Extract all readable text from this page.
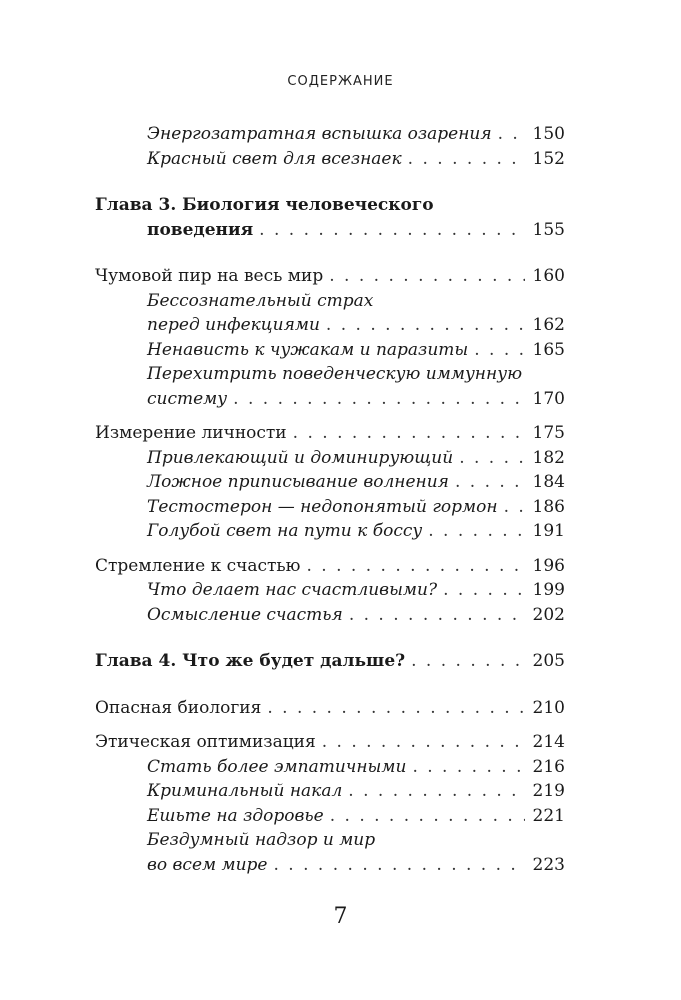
СОДЕРЖАНИЕ
Энергозатратная вспышка озарения . . . 150
Красный свет для всезнаек . . .	152
Глава 3. Биология человеческого
поведения . . .	155
Чумовой пир на весь мир . . .	160
Бессознательный страх
перед инфекциями . . .	162
Ненависть к чужакам и паразиты . . .	165
Перехитрить поведенческую иммунную
систему . . .	170
Измерение личности . . .	175
Привлекающий и доминирующий . . .	182
Ложное приписывание волнения . . .	184
Тестостерон — недопонятый гормон . . . 186
Голубой свет на пути к боссу . . .	191
Стремление к счастью . . .	196
Что делает нас счастливыми? . . .	199
Осмысление счастья . . .	202
Глава 4. Что же будет дальше? . . .	205
Опасная биология . . .	210
Этическая оптимизация . . .	214
Стать более эмпатичными . . .	216
Криминальный накал . . .	219
Ешьте на здоровье . . .	221
Бездумный надзор и мир
во всем мире . . .	223
7
